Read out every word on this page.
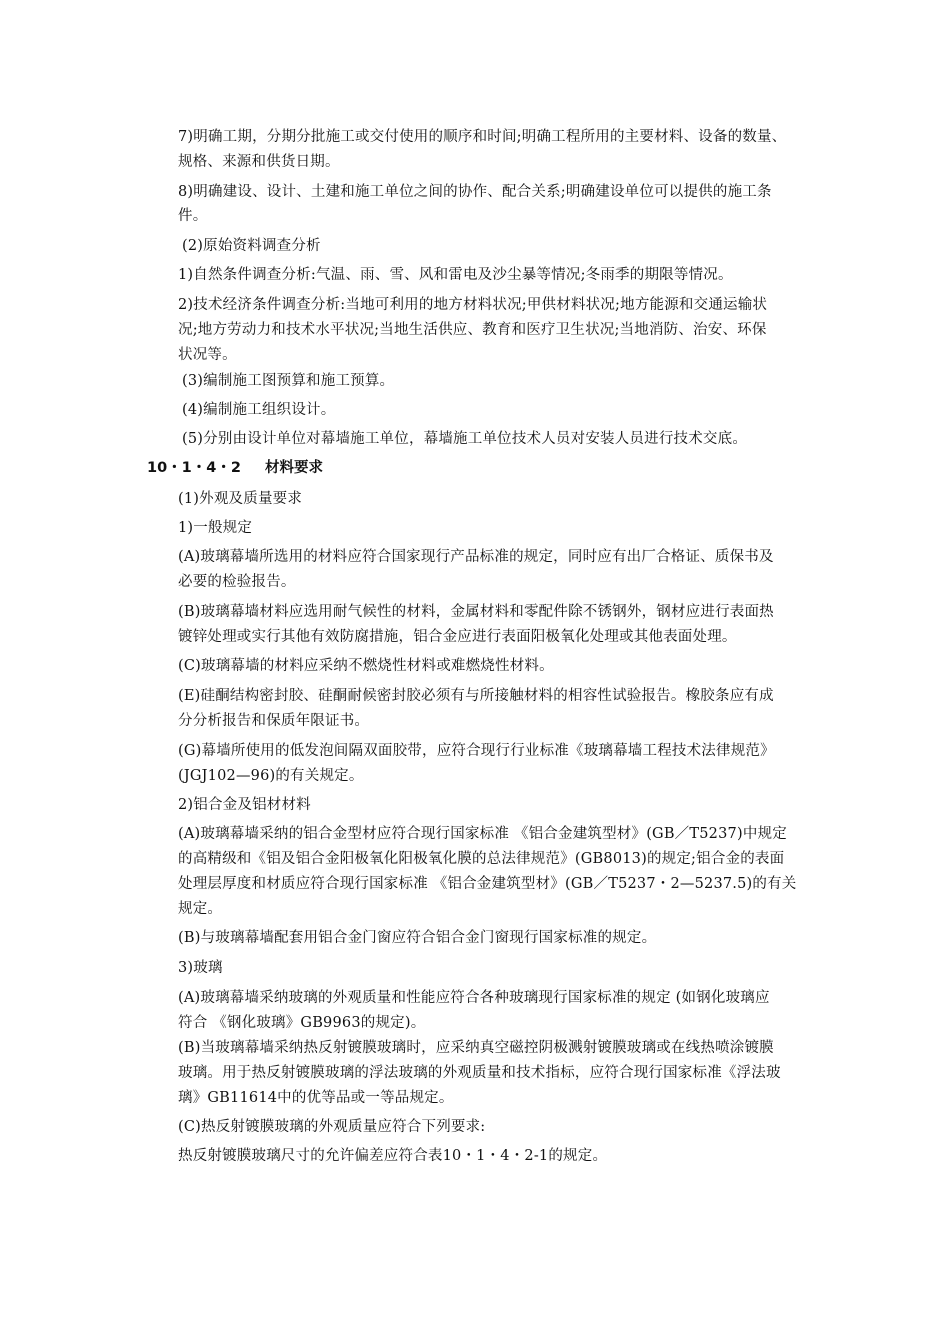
7)明确工期，分期分批施工或交付使用的顺序和时间;明确工程所用的主要材料、设备的数量、
规格、来源和供货日期。
8)明确建设、设计、土建和施工单位之间的协作、配合关系;明确建设单位可以提供的施工条
件。
(2)原始资料调查分析
1)自然条件调查分析:气温、雨、雪、风和雷电及沙尘暴等情况;冬雨季的期限等情况。
2)技术经济条件调查分析:当地可利用的地方材料状况;甲供材料状况;地方能源和交通运输状
况;地方劳动力和技术水平状况;当地生活供应、教育和医疗卫生状况;当地消防、治安、环保
状况等。
(3)编制施工图预算和施工预算。
(4)编制施工组织设计。
(5)分别由设计单位对幕墙施工单位，幕墙施工单位技术人员对安装人员进行技术交底。
10・1・4・2 材料要求
(1)外观及质量要求
1)一般规定
(A)玻璃幕墙所选用的材料应符合国家现行产品标准的规定，同时应有出厂合格证、质保书及
必要的检验报告。
(B)玻璃幕墙材料应选用耐气候性的材料，金属材料和零配件除不锈钢外，钢材应进行表面热
镀锌处理或实行其他有效防腐措施，铝合金应进行表面阳极氧化处理或其他表面处理。
(C)玻璃幕墙的材料应采纳不燃烧性材料或难燃烧性材料。
(E)硅酮结构密封胶、硅酮耐候密封胶必须有与所接触材料的相容性试验报告。橡胶条应有成
分分析报告和保质年限证书。
(G)幕墙所使用的低发泡间隔双面胶带，应符合现行行业标准《玻璃幕墙工程技术法律规范》
(JGJ102—96)的有关规定。
2)铝合金及铝材材料
(A)玻璃幕墙采纳的铝合金型材应符合现行国家标准 《铝合金建筑型材》(GB／T5237)中规定
的高精级和《铝及铝合金阳极氧化阳极氧化膜的总法律规范》(GB8013)的规定;铝合金的表面
处理层厚度和材质应符合现行国家标准 《铝合金建筑型材》(GB／T5237・2—5237.5)的有关
规定。
(B)与玻璃幕墙配套用铝合金门窗应符合铝合金门窗现行国家标准的规定。
3)玻璃
(A)玻璃幕墙采纳玻璃的外观质量和性能应符合各种玻璃现行国家标准的规定 (如钢化玻璃应
符合 《钢化玻璃》GB9963的规定)。
(B)当玻璃幕墙采纳热反射镀膜玻璃时，应采纳真空磁控阴极溅射镀膜玻璃或在线热喷涂镀膜
玻璃。用于热反射镀膜玻璃的浮法玻璃的外观质量和技术指标，应符合现行国家标准《浮法玻
璃》GB11614中的优等品或一等品规定。
(C)热反射镀膜玻璃的外观质量应符合下列要求:
热反射镀膜玻璃尺寸的允许偏差应符合表10・1・4・2-1的规定。
